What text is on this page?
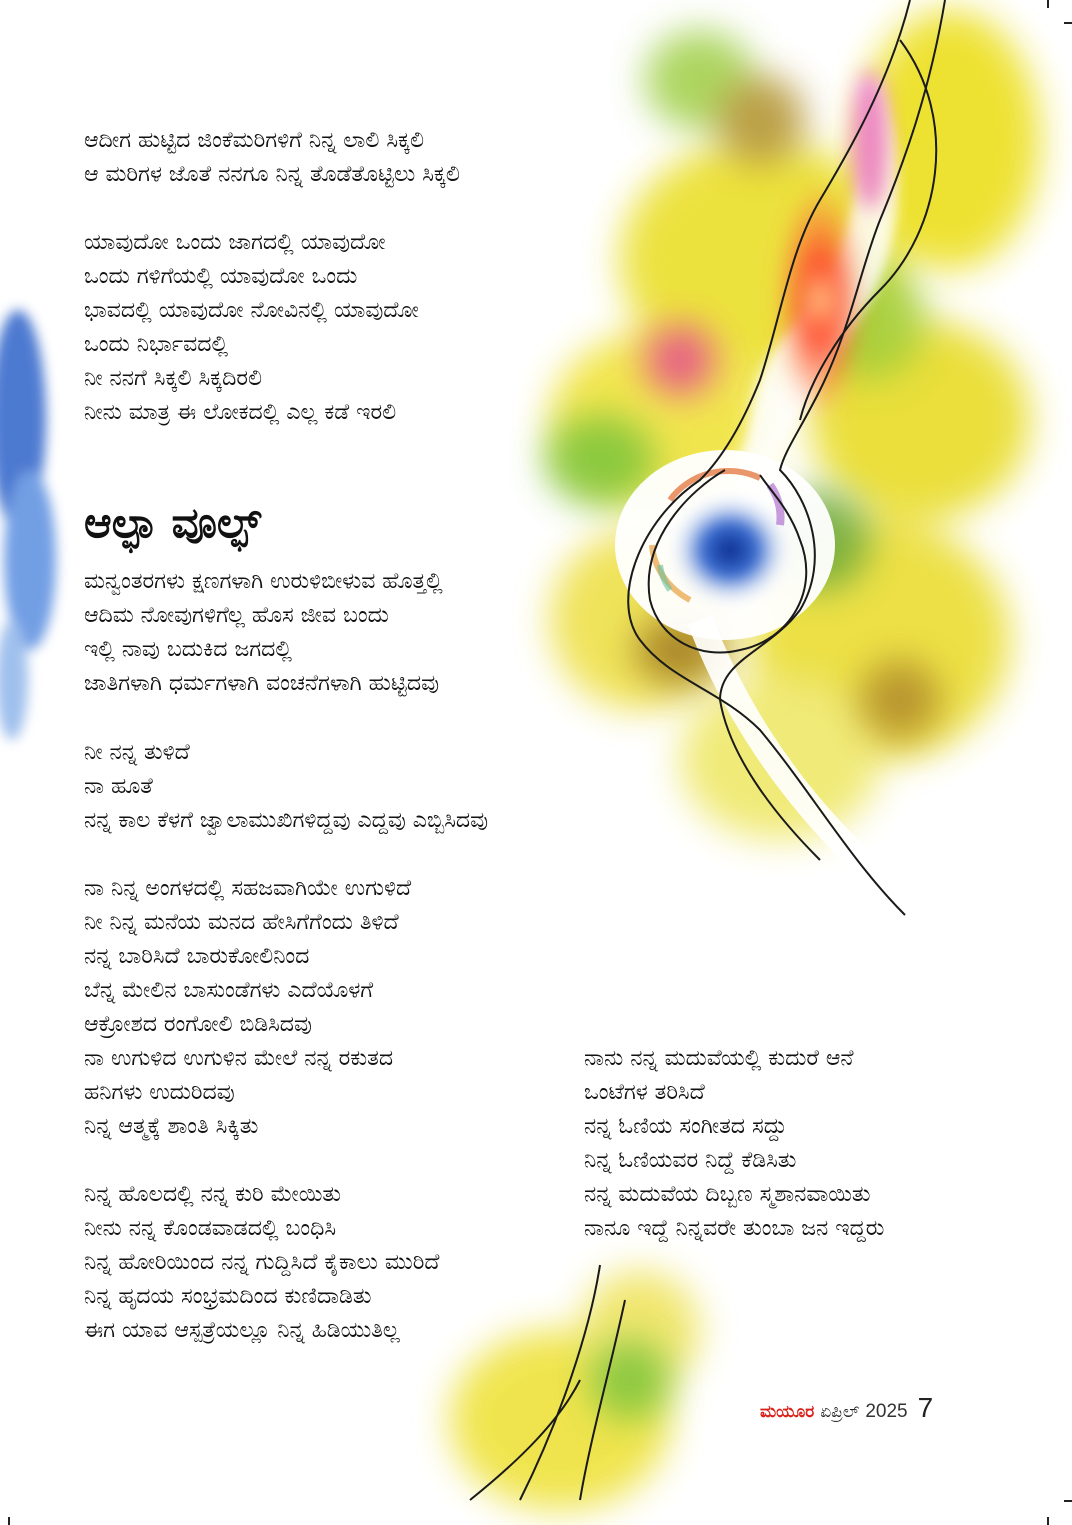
ಆದೀಗ ಹುಟ್ಟಿದ ಜಿಂಕೆಮರಿಗಳಿಗೆ ನಿನ್ನ ಲಾಲಿ ಸಿಕ್ಕಲಿ
ಆ ಮರಿಗಳ ಜೊತೆ ನನಗೂ ನಿನ್ನ ತೊಡೆತೊಟ್ಟಿಲು ಸಿಕ್ಕಲಿ
ಯಾವುದೋ ಒಂದು ಜಾಗದಲ್ಲಿ ಯಾವುದೋ
ಒಂದು ಗಳಿಗೆಯಲ್ಲಿ ಯಾವುದೋ ಒಂದು
ಭಾವದಲ್ಲಿ ಯಾವುದೋ ನೋವಿನಲ್ಲಿ ಯಾವುದೋ
ಒಂದು ನಿರ್ಭಾವದಲ್ಲಿ
ನೀ ನನಗೆ ಸಿಕ್ಕಲಿ ಸಿಕ್ಕದಿರಲಿ
ನೀನು ಮಾತ್ರ ಈ ಲೋಕದಲ್ಲಿ ಎಲ್ಲ ಕಡೆ ಇರಲಿ
ಆಲ್ಫಾ ವೂಲ್ಫ್
ಮನ್ವಂತರಗಳು ಕ್ಷಣಗಳಾಗಿ ಉರುಳಿಬೀಳುವ ಹೊತ್ತಲ್ಲಿ
ಆದಿಮ ನೋವುಗಳಿಗೆಲ್ಲ ಹೊಸ ಜೀವ ಬಂದು
ಇಲ್ಲಿ ನಾವು ಬದುಕಿದ ಜಗದಲ್ಲಿ
ಜಾತಿಗಳಾಗಿ ಧರ್ಮಗಳಾಗಿ ವಂಚನೆಗಳಾಗಿ ಹುಟ್ಟಿದವು
ನೀ ನನ್ನ ತುಳಿದೆ
ನಾ ಹೂತೆ
ನನ್ನ ಕಾಲ ಕೆಳಗೆ ಜ್ವಾಲಾಮುಖಿಗಳಿದ್ದವು ಎದ್ದವು ಎಬ್ಬಿಸಿದವು
ನಾ ನಿನ್ನ ಅಂಗಳದಲ್ಲಿ ಸಹಜವಾಗಿಯೇ ಉಗುಳಿದೆ
ನೀ ನಿನ್ನ ಮನೆಯ ಮನದ ಹೇಸಿಗೆಗೆಂದು ತಿಳಿದೆ
ನನ್ನ ಬಾರಿಸಿದೆ ಬಾರುಕೋಲಿನಿಂದ
ಬೆನ್ನ ಮೇಲಿನ ಬಾಸುಂಡೆಗಳು ಎದೆಯೊಳಗೆ
ಆಕ್ರೋಶದ ರಂಗೋಲಿ ಬಿಡಿಸಿದವು
ನಾ ಉಗುಳಿದ ಉಗುಳಿನ ಮೇಲೆ ನನ್ನ ರಕುತದ
ಹನಿಗಳು ಉದುರಿದವು
ನಿನ್ನ ಆತ್ಮಕ್ಕೆ ಶಾಂತಿ ಸಿಕ್ಕಿತು
ನಿನ್ನ ಹೊಲದಲ್ಲಿ ನನ್ನ ಕುರಿ ಮೇಯಿತು
ನೀನು ನನ್ನ ಕೊಂಡವಾಡದಲ್ಲಿ ಬಂಧಿಸಿ
ನಿನ್ನ ಹೋರಿಯಿಂದ ನನ್ನ ಗುದ್ದಿಸಿದೆ ಕೈಕಾಲು ಮುರಿದೆ
ನಿನ್ನ ಹೃದಯ ಸಂಭ್ರಮದಿಂದ ಕುಣಿದಾಡಿತು
ಈಗ ಯಾವ ಆಸ್ಪತ್ರೆಯಲ್ಲೂ ನಿನ್ನ ಹಿಡಿಯುತಿಲ್ಲ
ನಾನು ನನ್ನ ಮದುವೆಯಲ್ಲಿ ಕುದುರೆ ಆನೆ
ಒಂಟೆಗಳ ತರಿಸಿದೆ
ನನ್ನ ಓಣಿಯ ಸಂಗೀತದ ಸದ್ದು
ನಿನ್ನ ಓಣಿಯವರ ನಿದ್ದೆ ಕೆಡಿಸಿತು
ನನ್ನ ಮದುವೆಯ ದಿಬ್ಬಣ ಸ್ಮಶಾನವಾಯಿತು
ನಾನೂ ಇದ್ದೆ ನಿನ್ನವರೇ ತುಂಬಾ ಜನ ಇದ್ದರು
ಮಯೂರ ಏಪ್ರಿಲ್ 2025 7
